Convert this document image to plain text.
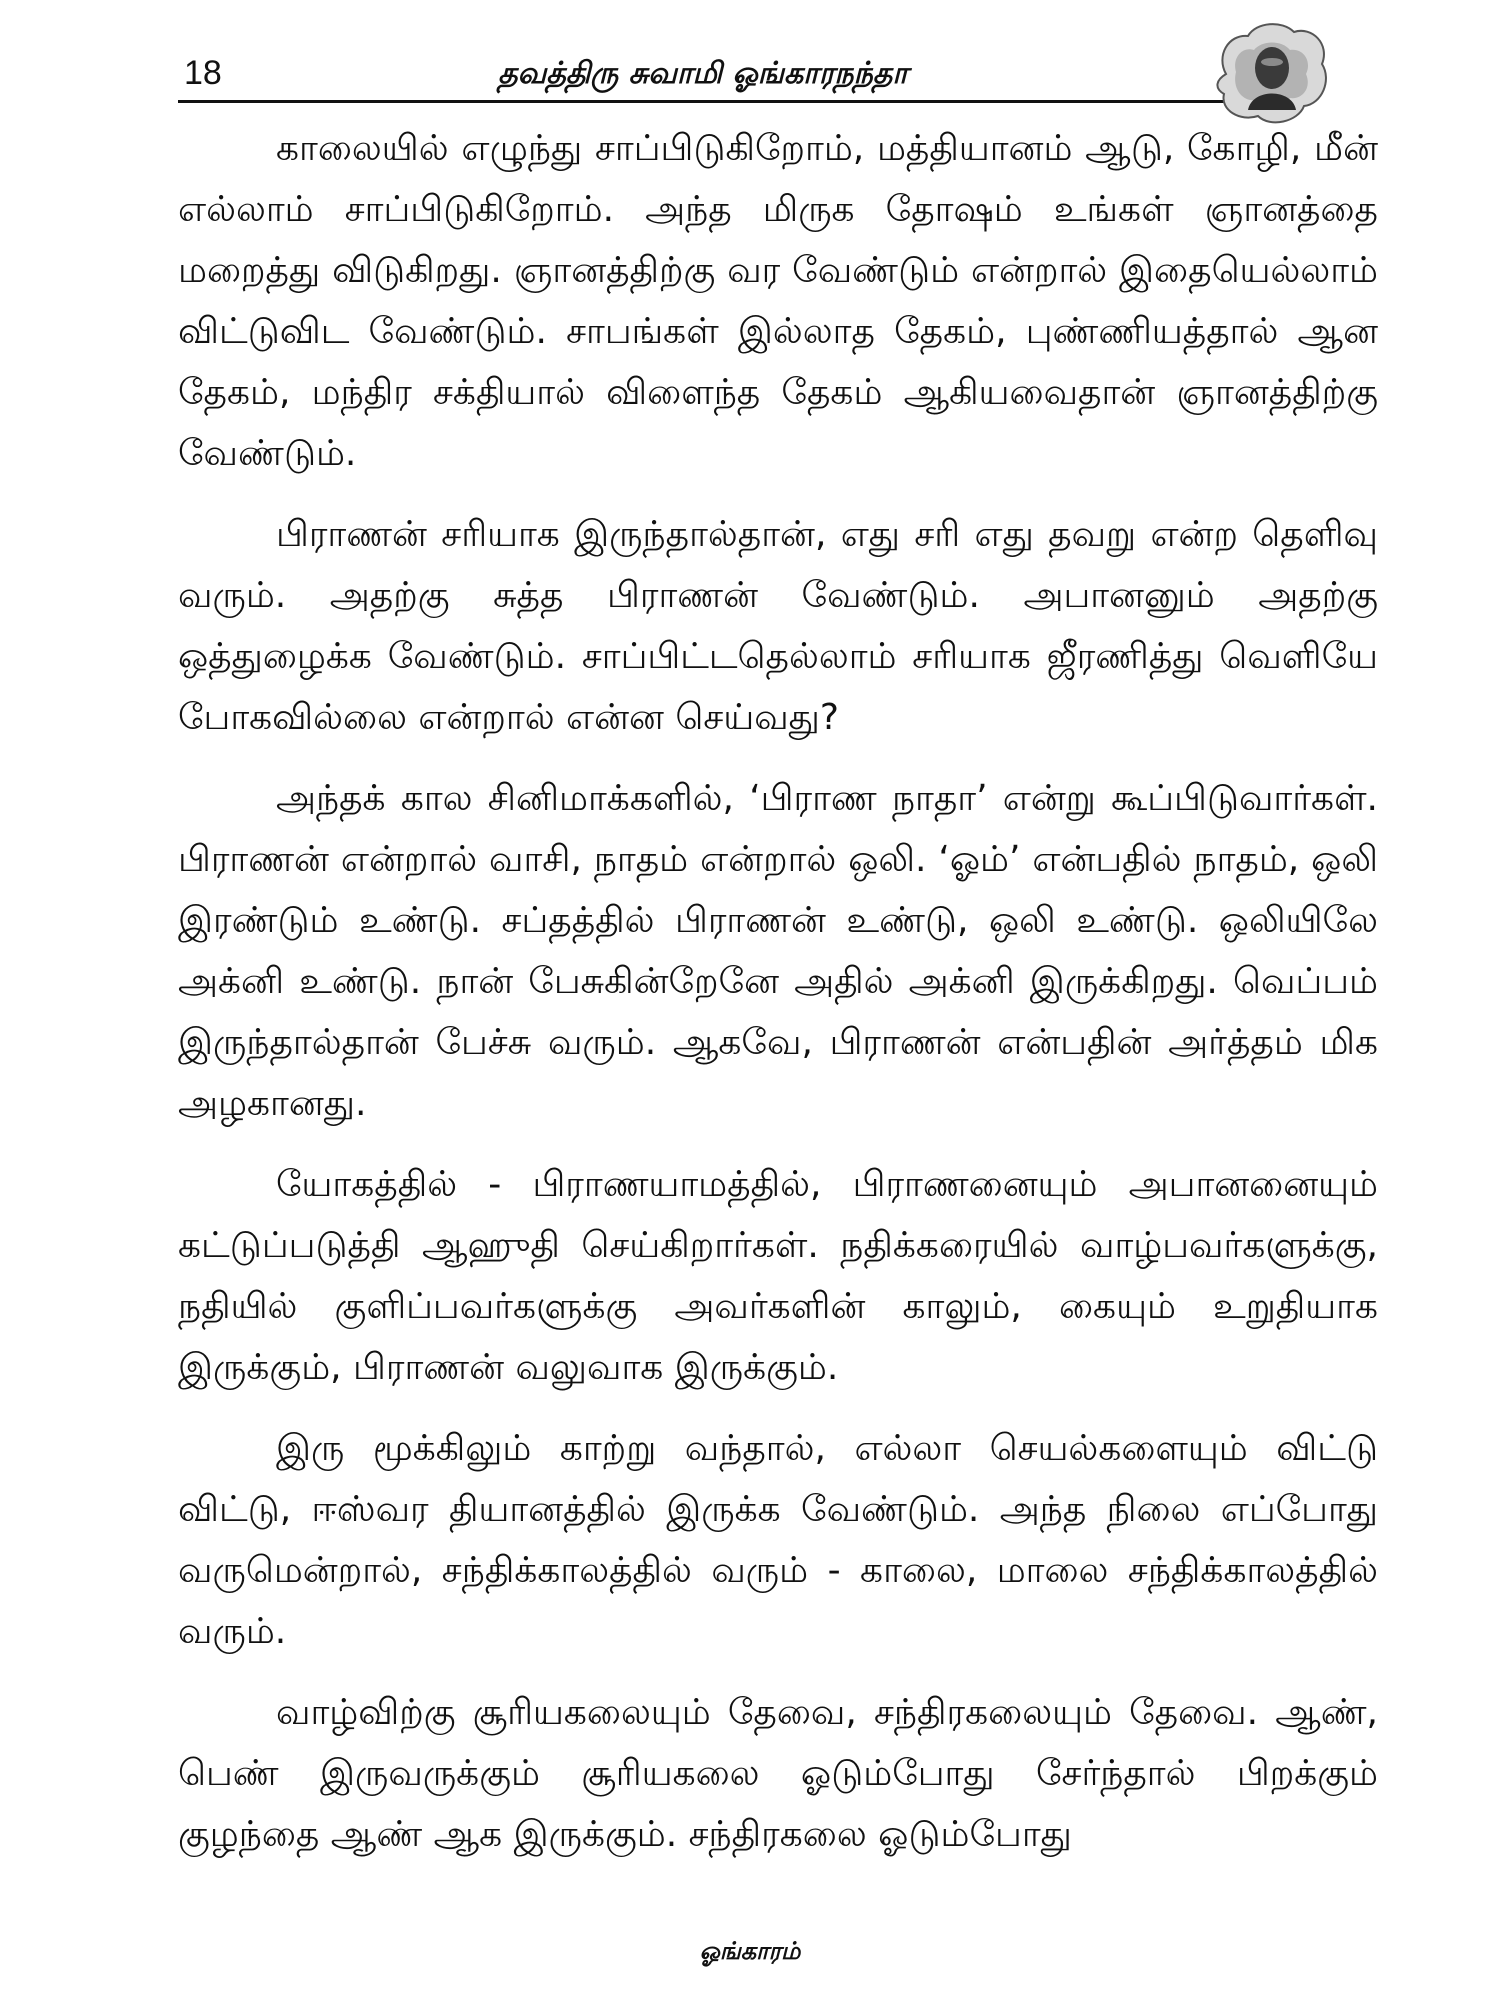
18	தவத்திரு சுவாமி ஓங்காரநந்தா

காலையில் எழுந்து சாப்பிடுகிறோம், மத்தியானம் ஆடு, கோழி, மீன் எல்லாம் சாப்பிடுகிறோம். அந்த மிருக தோஷம் உங்கள் ஞானத்தை மறைத்து விடுகிறது. ஞானத்திற்கு வர வேண்டும் என்றால் இதையெல்லாம் விட்டுவிட வேண்டும். சாபங்கள் இல்லாத தேகம், புண்ணியத்தால் ஆன தேகம், மந்திர சக்தியால் விளைந்த தேகம் ஆகியவைதான் ஞானத்திற்கு வேண்டும்.

பிராணன் சரியாக இருந்தால்தான், எது சரி எது தவறு என்ற தெளிவு வரும். அதற்கு சுத்த பிராணன் வேண்டும். அபானனும் அதற்கு ஒத்துழைக்க வேண்டும். சாப்பிட்டதெல்லாம் சரியாக ஜீரணித்து வெளியே போகவில்லை என்றால் என்ன செய்வது?

அந்தக் கால சினிமாக்களில், ‘பிராண நாதா’ என்று கூப்பிடுவார்கள். பிராணன் என்றால் வாசி, நாதம் என்றால் ஒலி. ‘ஓம்’ என்பதில் நாதம், ஒலி இரண்டும் உண்டு. சப்தத்தில் பிராணன் உண்டு, ஒலி உண்டு. ஒலியிலே அக்னி உண்டு. நான் பேசுகின்றேனே அதில் அக்னி இருக்கிறது. வெப்பம் இருந்தால்தான் பேச்சு வரும். ஆகவே, பிராணன் என்பதின் அர்த்தம் மிக அழகானது.

யோகத்தில் - பிராணயாமத்தில், பிராணனையும் அபானனையும் கட்டுப்படுத்தி ஆஹுதி செய்கிறார்கள். நதிக்கரையில் வாழ்பவர்களுக்கு, நதியில் குளிப்பவர்களுக்கு அவர்களின் காலும், கையும் உறுதியாக இருக்கும், பிராணன் வலுவாக இருக்கும்.

இரு மூக்கிலும் காற்று வந்தால், எல்லா செயல்களையும் விட்டு விட்டு, ஈஸ்வர தியானத்தில் இருக்க வேண்டும். அந்த நிலை எப்போது வருமென்றால், சந்திக்காலத்தில் வரும் - காலை, மாலை சந்திக்காலத்தில் வரும்.

வாழ்விற்கு சூரியகலையும் தேவை, சந்திரகலையும் தேவை. ஆண், பெண் இருவருக்கும் சூரியகலை ஓடும்போது சேர்ந்தால் பிறக்கும் குழந்தை ஆண் ஆக இருக்கும். சந்திரகலை ஓடும்போது

ஓங்காரம்
